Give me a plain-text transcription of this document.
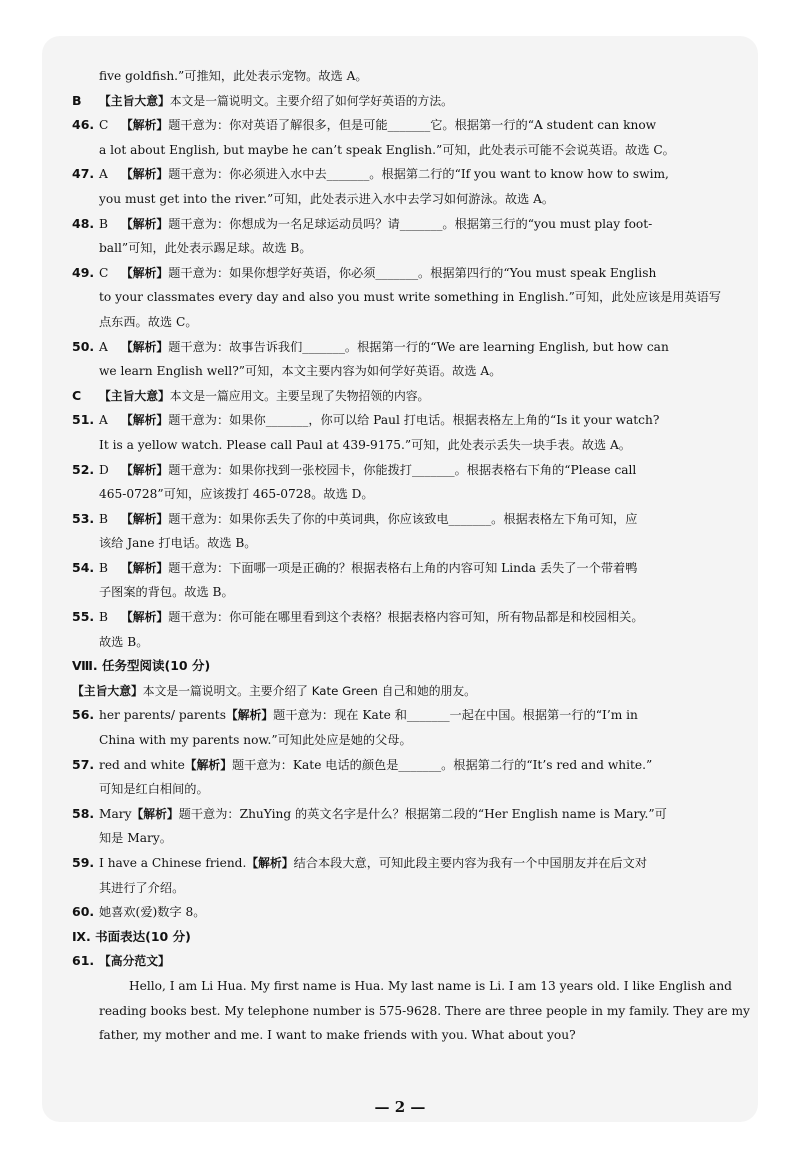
five goldfish.”可推知，此处表示宠物。故选 A。
B 【主旨大意】本文是一篇说明文。主要介绍了如何学好英语的方法。
46. C 【解析】题干意为：你对英语了解很多，但是可能_______它。根据第一行的“A student can know
a lot about English, but maybe he can’t speak English.”可知，此处表示可能不会说英语。故选 C。
47. A 【解析】题干意为：你必须进入水中去_______。根据第二行的“If you want to know how to swim,
you must get into the river.”可知，此处表示进入水中去学习如何游泳。故选 A。
48. B 【解析】题干意为：你想成为一名足球运动员吗？请_______。根据第三行的“you must play foot-
ball”可知，此处表示踢足球。故选 B。
49. C 【解析】题干意为：如果你想学好英语，你必须_______。根据第四行的“You must speak English
to your classmates every day and also you must write something in English.”可知，此处应该是用英语写
点东西。故选 C。
50. A 【解析】题干意为：故事告诉我们_______。根据第一行的“We are learning English, but how can
we learn English well?”可知，本文主要内容为如何学好英语。故选 A。
C 【主旨大意】本文是一篇应用文。主要呈现了失物招领的内容。
51. A 【解析】题干意为：如果你_______，你可以给 Paul 打电话。根据表格左上角的“Is it your watch?
It is a yellow watch. Please call Paul at 439-9175.”可知，此处表示丢失一块手表。故选 A。
52. D 【解析】题干意为：如果你找到一张校园卡，你能拨打_______。根据表格右下角的“Please call
465-0728”可知，应该拨打 465-0728。故选 D。
53. B 【解析】题干意为：如果你丢失了你的中英词典，你应该致电_______。根据表格左下角可知，应
该给 Jane 打电话。故选 B。
54. B 【解析】题干意为：下面哪一项是正确的？根据表格右上角的内容可知 Linda 丢失了一个带着鸭
子图案的背包。故选 B。
55. B 【解析】题干意为：你可能在哪里看到这个表格？根据表格内容可知，所有物品都是和校园相关。
故选 B。
Ⅷ. 任务型阅读(10 分)
【主旨大意】本文是一篇说明文。主要介绍了 Kate Green 自己和她的朋友。
56. her parents/ parents【解析】题干意为：现在 Kate 和_______一起在中国。根据第一行的“I’m in
China with my parents now.”可知此处应是她的父母。
57. red and white【解析】题干意为：Kate 电话的颜色是_______。根据第二行的“It’s red and white.”
可知是红白相间的。
58. Mary【解析】题干意为：ZhuYing 的英文名字是什么？根据第二段的“Her English name is Mary.”可
知是 Mary。
59. I have a Chinese friend.【解析】结合本段大意，可知此段主要内容为我有一个中国朋友并在后文对
其进行了介绍。
60. 她喜欢(爱)数字 8。
Ⅸ. 书面表达(10 分)
61. 【高分范文】
Hello, I am Li Hua. My first name is Hua. My last name is Li. I am 13 years old. I like English and
reading books best. My telephone number is 575-9628. There are three people in my family. They are my
father, my mother and me. I want to make friends with you. What about you?
— 2 —
